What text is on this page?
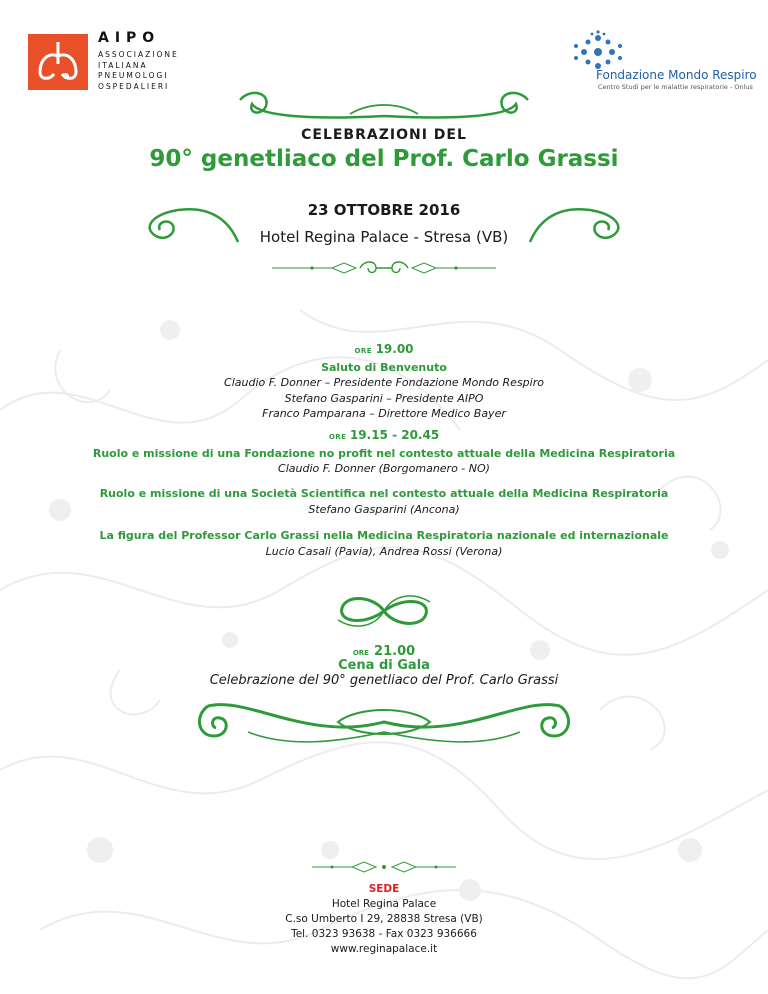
AIPO
ASSOCIAZIONE
ITALIANA
PNEUMOLOGI
OSPEDALIERI
Fondazione Mondo Respiro
Centro Studi per le malattie respiratorie - Onlus
CELEBRAZIONI DEL
90° genetliaco del Prof. Carlo Grassi
23 OTTOBRE 2016
Hotel Regina Palace - Stresa (VB)
ORE 19.00
Saluto di Benvenuto
Claudio F. Donner – Presidente Fondazione Mondo Respiro
Stefano Gasparini – Presidente AIPO
Franco Pamparana – Direttore Medico Bayer
ORE 19.15 - 20.45
Ruolo e missione di una Fondazione no profit nel contesto attuale della Medicina Respiratoria
Claudio F. Donner (Borgomanero - NO)
Ruolo e missione di una Società Scientifica nel contesto attuale della Medicina Respiratoria
Stefano Gasparini (Ancona)
La figura del Professor Carlo Grassi nella Medicina Respiratoria nazionale ed internazionale
Lucio Casali (Pavia), Andrea Rossi (Verona)
ORE 21.00
Cena di Gala
Celebrazione del 90° genetliaco del Prof. Carlo Grassi
SEDE
Hotel Regina Palace
C.so Umberto I 29, 28838 Stresa (VB)
Tel. 0323 93638 - Fax 0323 936666
www.reginapalace.it
